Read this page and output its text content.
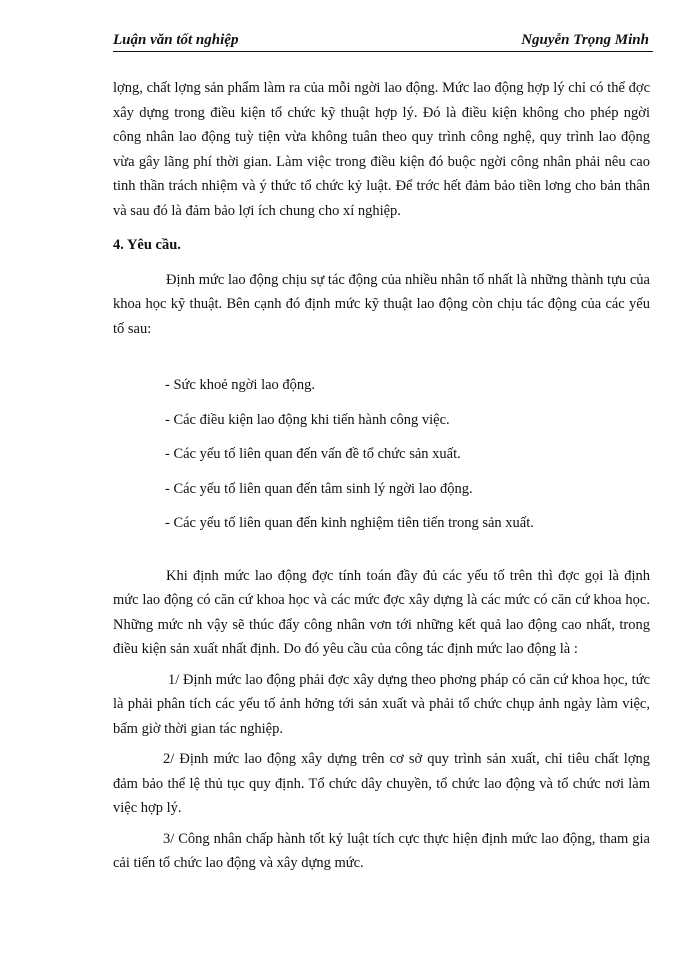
Luận văn tốt nghiệp	Nguyễn Trọng Minh

lợng, chất lợng sản phẩm làm ra của mỗi ngời lao động. Mức lao động hợp lý chỉ có thể đợc xây dựng trong điều kiện tổ chức kỹ thuật hợp lý. Đó là điều kiện không cho phép ngời công nhân lao động tuỳ tiện vừa không tuân theo quy trình công nghệ, quy trình lao động vừa gây lãng phí thời gian. Làm việc trong điều kiện đó buộc ngời công nhân phải nêu cao tinh thần trách nhiệm và ý thức tổ chức kỷ luật. Để trớc hết đảm bảo tiền lơng cho bản thân và sau đó là đảm bảo lợi ích chung cho xí nghiệp.

4. Yêu cầu.

Định mức lao động chịu sự tác động của nhiều nhân tố nhất là những thành tựu của khoa học kỹ thuật. Bên cạnh đó định mức kỹ thuật lao động còn chịu tác động của các yếu tố sau:

- Sức khoẻ ngời lao động.

- Các điều kiện lao động khi tiến hành công việc.

- Các yếu tố liên quan đến vấn đề tổ chức sản xuất.

- Các yếu tố liên quan đến tâm sinh lý ngời lao động.

- Các yếu tố liên quan đến kinh nghiệm tiên tiến trong sản xuất.

Khi định mức lao động đợc tính toán đầy đủ các yếu tố trên thì đợc gọi là định mức lao động có căn cứ khoa học và các mức đợc xây dựng là các mức có căn cứ khoa học. Những mức nh vậy sẽ thúc đẩy công nhân vơn tới những kết quả lao động cao nhất, trong điều kiện sản xuất nhất định. Do đó yêu cầu của công tác định mức lao động là :

1/ Định mức lao động phải đợc xây dựng theo phơng pháp có căn cứ khoa học, tức là phải phân tích các yếu tố ảnh hởng tới sản xuất và phải tổ chức chụp ảnh ngày làm việc, bấm giờ thời gian tác nghiệp.

2/ Định mức lao động xây dựng trên cơ sở quy trình sản xuất, chỉ tiêu chất lợng đảm bảo thể lệ thủ tục quy định. Tổ chức dây chuyền, tổ chức lao động và tổ chức nơi làm việc hợp lý.

3/ Công nhân chấp hành tốt kỷ luật tích cực thực hiện định mức lao động, tham gia cải tiến tổ chức lao động và xây dựng mức.
